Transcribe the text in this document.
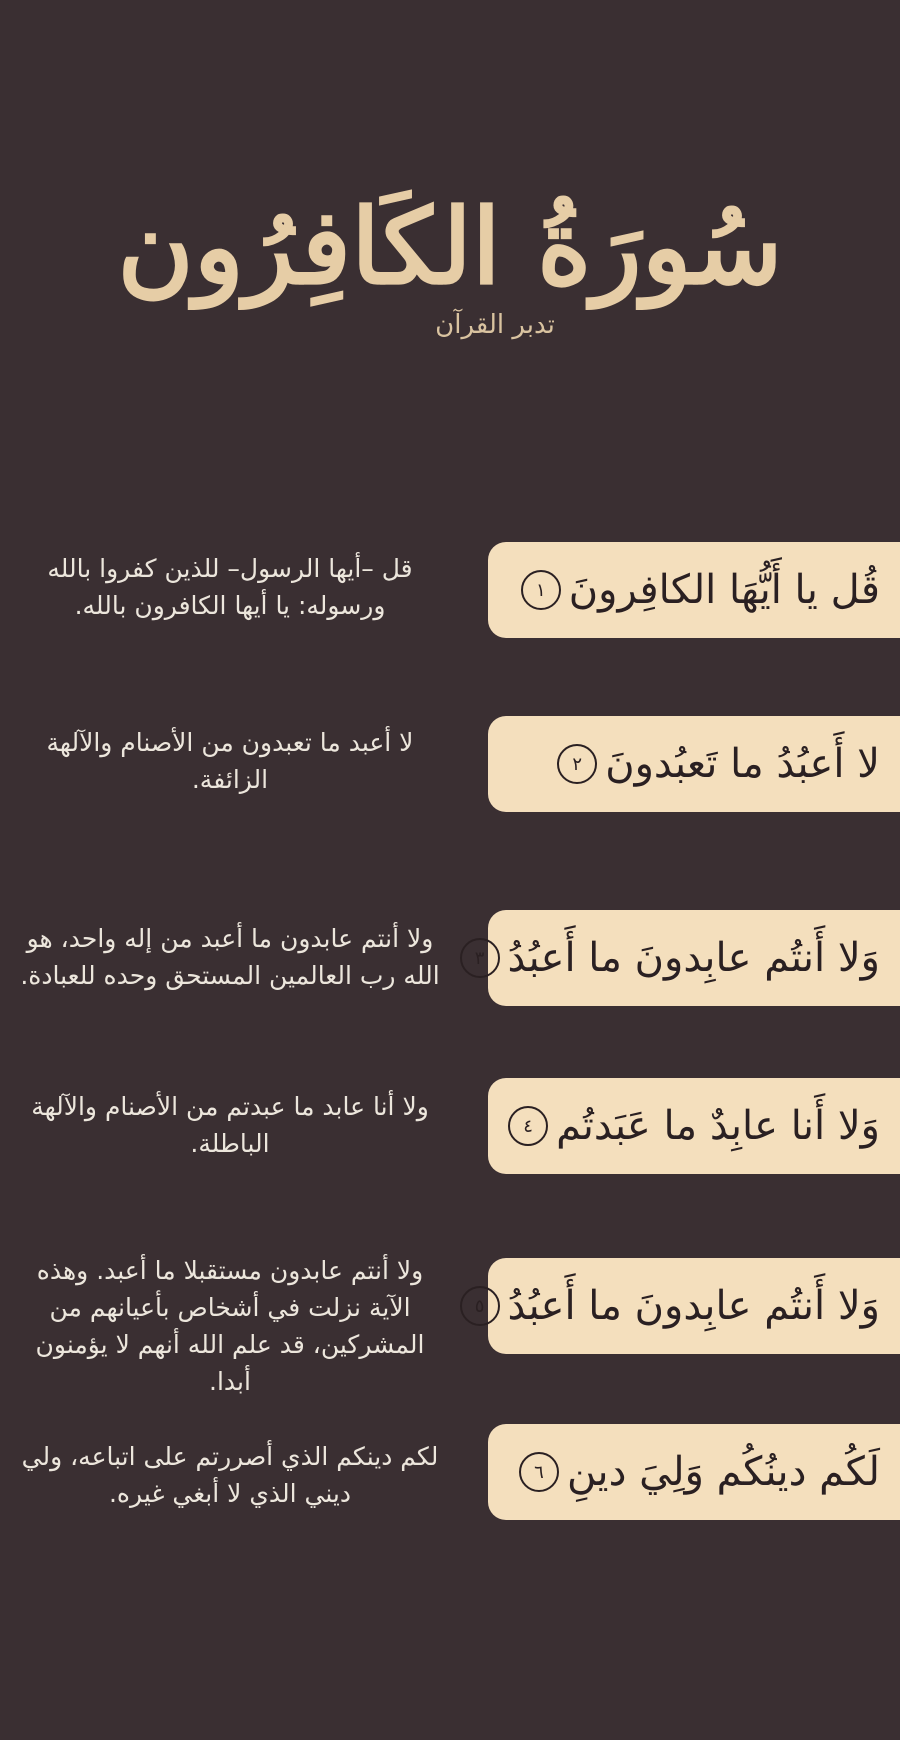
سُورَةُ الكَافِرُون
تدبر القرآن
قُل يا أَيُّهَا الكافِرونَ
١
قل –أيها الرسول– للذين كفروا بالله ورسوله: يا أيها الكافرون بالله.
لا أَعبُدُ ما تَعبُدونَ
٢
لا أعبد ما تعبدون من الأصنام والآلهة الزائفة.
وَلا أَنتُم عابِدونَ ما أَعبُدُ
٣
ولا أنتم عابدون ما أعبد من إله واحد، هو الله رب العالمين المستحق وحده للعبادة.
وَلا أَنا عابِدٌ ما عَبَدتُم
٤
ولا أنا عابد ما عبدتم من الأصنام والآلهة الباطلة.
وَلا أَنتُم عابِدونَ ما أَعبُدُ
٥
ولا أنتم عابدون مستقبلا ما أعبد. وهذه الآية نزلت في أشخاص بأعيانهم من المشركين، قد علم الله أنهم لا يؤمنون أبدا.
لَكُم دينُكُم وَلِيَ دينِ
٦
لكم دينكم الذي أصررتم على اتباعه، ولي ديني الذي لا أبغي غيره.
